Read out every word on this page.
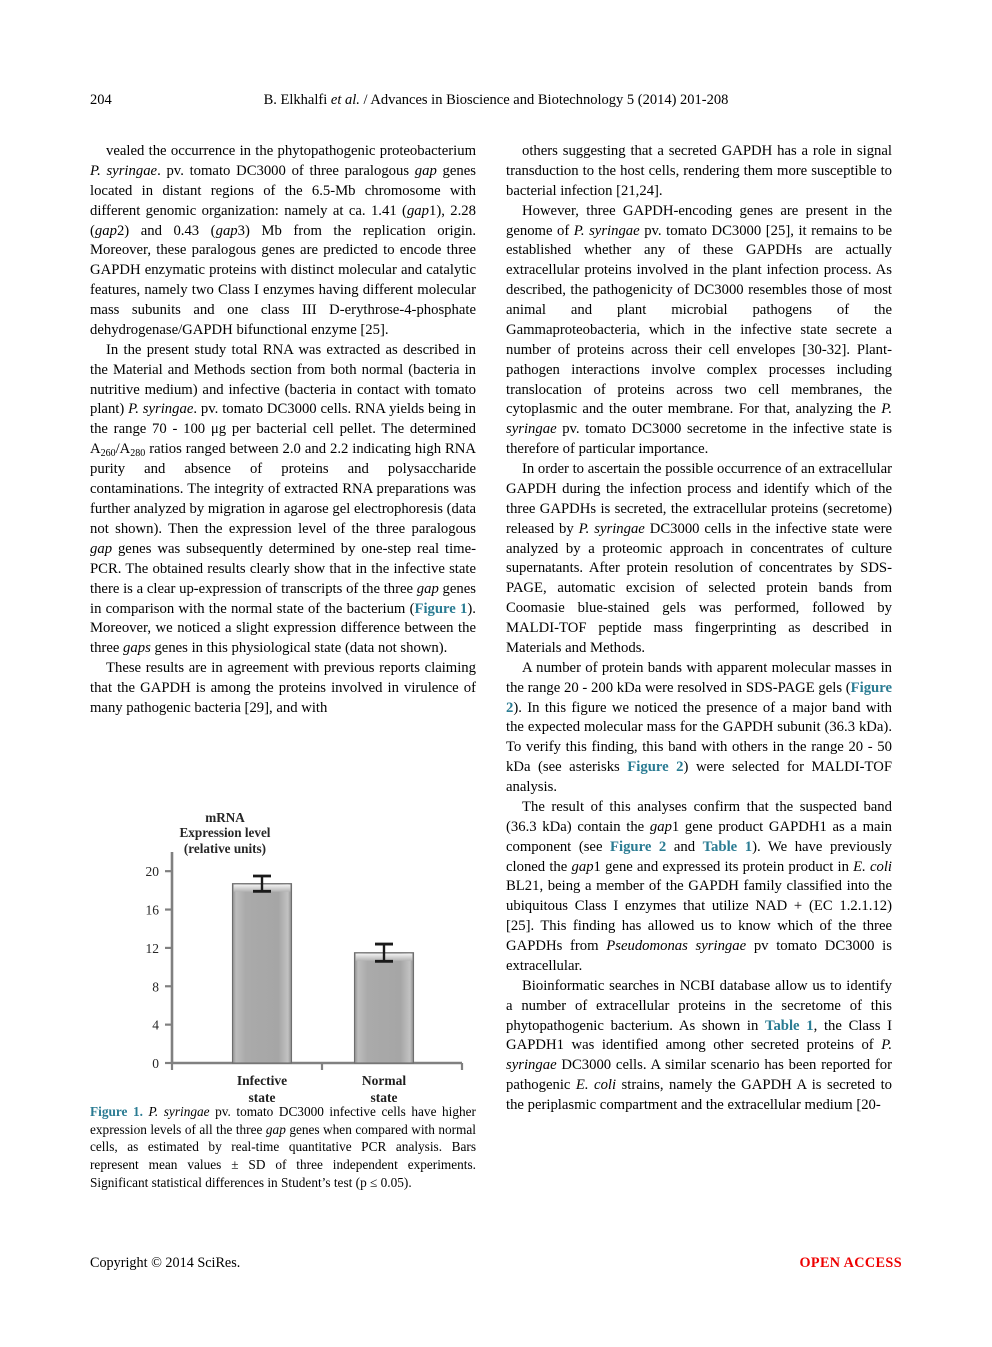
204	B. Elkhalfi et al. / Advances in Bioscience and Biotechnology 5 (2014) 201-208

vealed the occurrence in the phytopathogenic proteobacterium P. syringae. pv. tomato DC3000 of three paralogous gap genes located in distant regions of the 6.5-Mb chromosome with different genomic organization: namely at ca. 1.41 (gap1), 2.28 (gap2) and 0.43 (gap3) Mb from the replication origin. Moreover, these paralogous genes are predicted to encode three GAPDH enzymatic proteins with distinct molecular and catalytic features, namely two Class I enzymes having different molecular mass subunits and one class III D-erythrose-4-phosphate dehydrogenase/GAPDH bifunctional enzyme [25].

In the present study total RNA was extracted as described in the Material and Methods section from both normal (bacteria in nutritive medium) and infective (bacteria in contact with tomato plant) P. syringae. pv. tomato DC3000 cells. RNA yields being in the range 70 - 100 μg per bacterial cell pellet. The determined $A_{260}/A_{280}$ ratios ranged between 2.0 and 2.2 indicating high RNA purity and absence of proteins and polysaccharide contaminations. The integrity of extracted RNA preparations was further analyzed by migration in agarose gel electrophoresis (data not shown). Then the expression level of the three paralogous gap genes was subsequently determined by one-step real time-PCR. The obtained results clearly show that in the infective state there is a clear up-expression of transcripts of the three gap genes in comparison with the normal state of the bacterium (Figure 1). Moreover, we noticed a slight expression difference between the three gaps genes in this physiological state (data not shown).

These results are in agreement with previous reports claiming that the GAPDH is among the proteins involved in virulence of many pathogenic bacteria [29], and with

others suggesting that a secreted GAPDH has a role in signal transduction to the host cells, rendering them more susceptible to bacterial infection [21,24].

However, three GAPDH-encoding genes are present in the genome of P. syringae pv. tomato DC3000 [25], it remains to be established whether any of these GAPDHs are actually extracellular proteins involved in the plant infection process. As described, the pathogenicity of DC3000 resembles those of most animal and plant microbial pathogens of the Gammaproteobacteria, which in the infective state secrete a number of proteins across their cell envelopes [30-32]. Plant-pathogen interactions involve complex processes including translocation of proteins across two cell membranes, the cytoplasmic and the outer membrane. For that, analyzing the P. syringae pv. tomato DC3000 secretome in the infective state is therefore of particular importance.

In order to ascertain the possible occurrence of an extracellular GAPDH during the infection process and identify which of the three GAPDHs is secreted, the extracellular proteins (secretome) released by P. syringae DC3000 cells in the infective state were analyzed by a proteomic approach in concentrates of culture supernatants. After protein resolution of concentrates by SDS-PAGE, automatic excision of selected protein bands from Coomasie blue-stained gels was performed, followed by MALDI-TOF peptide mass fingerprinting as described in Materials and Methods.

A number of protein bands with apparent molecular masses in the range 20 - 200 kDa were resolved in SDS-PAGE gels (Figure 2). In this figure we noticed the presence of a major band with the expected molecular mass for the GAPDH subunit (36.3 kDa). To verify this finding, this band with others in the range 20 - 50 kDa (see asterisks Figure 2) were selected for MALDI-TOF analysis.

The result of this analyses confirm that the suspected band (36.3 kDa) contain the gap1 gene product GAPDH1 as a main component (see Figure 2 and Table 1). We have previously cloned the gap1 gene and expressed its protein product in E. coli BL21, being a member of the GAPDH family classified into the ubiquitous Class I enzymes that utilize NAD + (EC 1.2.1.12) [25]. This finding has allowed us to know which of the three GAPDHs from Pseudomonas syringae pv tomato DC3000 is extracellular.

Bioinformatic searches in NCBI database allow us to identify a number of extracellular proteins in the secretome of this phytopathogenic bacterium. As shown in Table 1, the Class I GAPDH1 was identified among other secreted proteins of P. syringae DC3000 cells. A similar scenario has been reported for pathogenic E. coli strains, namely the GAPDH A is secreted to the periplasmic compartment and the extracellular medium [20-

mRNA
Expression level
(relative units)
0
4
8
12
16
20
Infective
state
Normal
state
Figure 1. P. syringae pv. tomato DC3000 infective cells have higher expression levels of all the three gap genes when compared with normal cells, as estimated by real-time quantitative PCR analysis. Bars represent mean values ± SD of three independent experiments. Significant statistical differences in Student’s test (p ≤ 0.05).
Copyright © 2014 SciRes.	OPEN ACCESS
